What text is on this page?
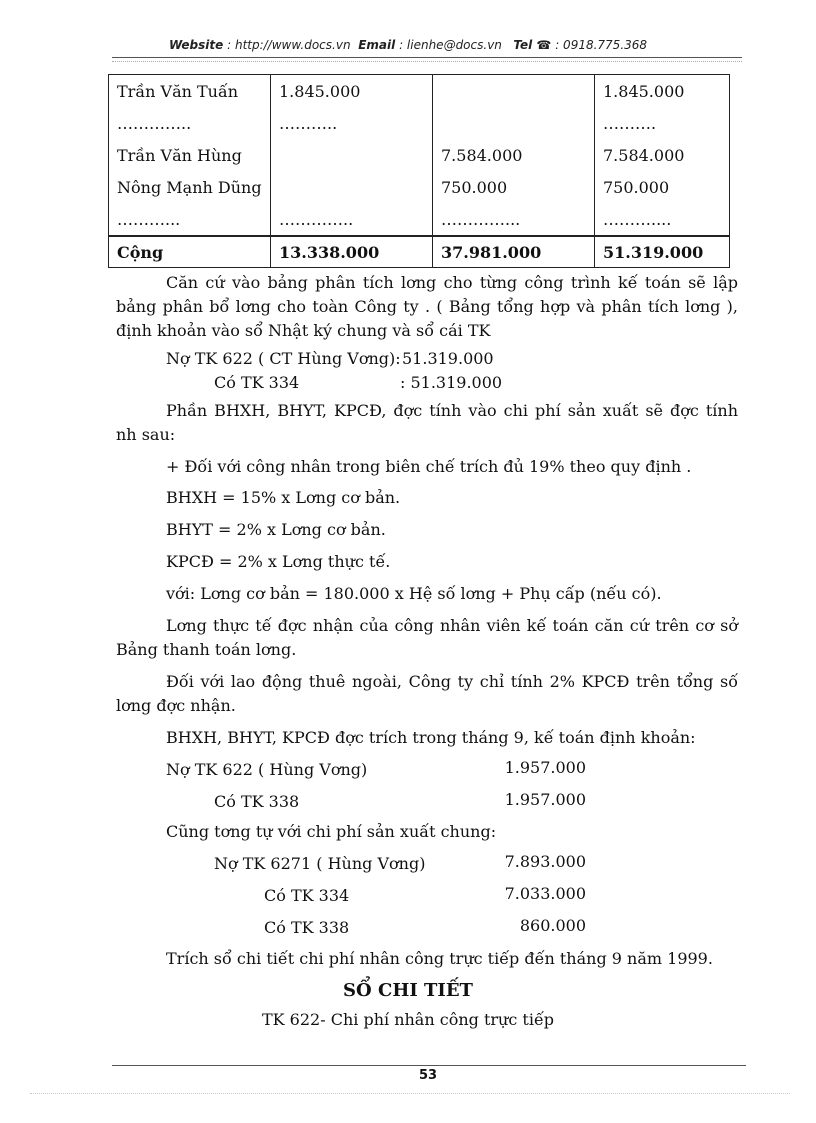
Website : http://www.docs.vn Email : lienhe@docs.vn Tel ☎ : 0918.775.368
Trần Văn Tuấn	1.845.000		1.845.000
…………..	………..		……….
Trần Văn Hùng		7.584.000	7.584.000
Nông Mạnh Dũng		750.000	750.000
………...	…………..	…………...	………....
Cộng	13.338.000	37.981.000	51.319.000
Căn cứ vào bảng phân tích lơng cho từng công trình kế toán sẽ lập bảng phân bổ lơng cho toàn Công ty . ( Bảng tổng hợp và phân tích lơng ), định khoản vào sổ Nhật ký chung và sổ cái TK
Nợ TK 622 ( CT Hùng Vơng): 51.319.000
Có TK 334	: 51.319.000
Phần BHXH, BHYT, KPCĐ, đợc tính vào chi phí sản xuất sẽ đợc tính nh sau:
+ Đối với công nhân trong biên chế trích đủ 19% theo quy định .
BHXH = 15% x Lơng cơ bản.
BHYT = 2% x Lơng cơ bản.
KPCĐ = 2% x Lơng thực tế.
với: Lơng cơ bản = 180.000 x Hệ số lơng + Phụ cấp (nếu có).
Lơng thực tế đợc nhận của công nhân viên kế toán căn cứ trên cơ sở Bảng thanh toán lơng.
Đối với lao động thuê ngoài, Công ty chỉ tính 2% KPCĐ trên tổng số lơng đợc nhận.
BHXH, BHYT, KPCĐ đợc trích trong tháng 9, kế toán định khoản:
Nợ TK 622 ( Hùng Vơng)	1.957.000
Có TK 338	1.957.000
Cũng tơng tự với chi phí sản xuất chung:
Nợ TK 6271 ( Hùng Vơng)	7.893.000
Có TK 334	7.033.000
Có TK 338	860.000
Trích sổ chi tiết chi phí nhân công trực tiếp đến tháng 9 năm 1999.
SỔ CHI TIẾT
TK 622- Chi phí nhân công trực tiếp
53
